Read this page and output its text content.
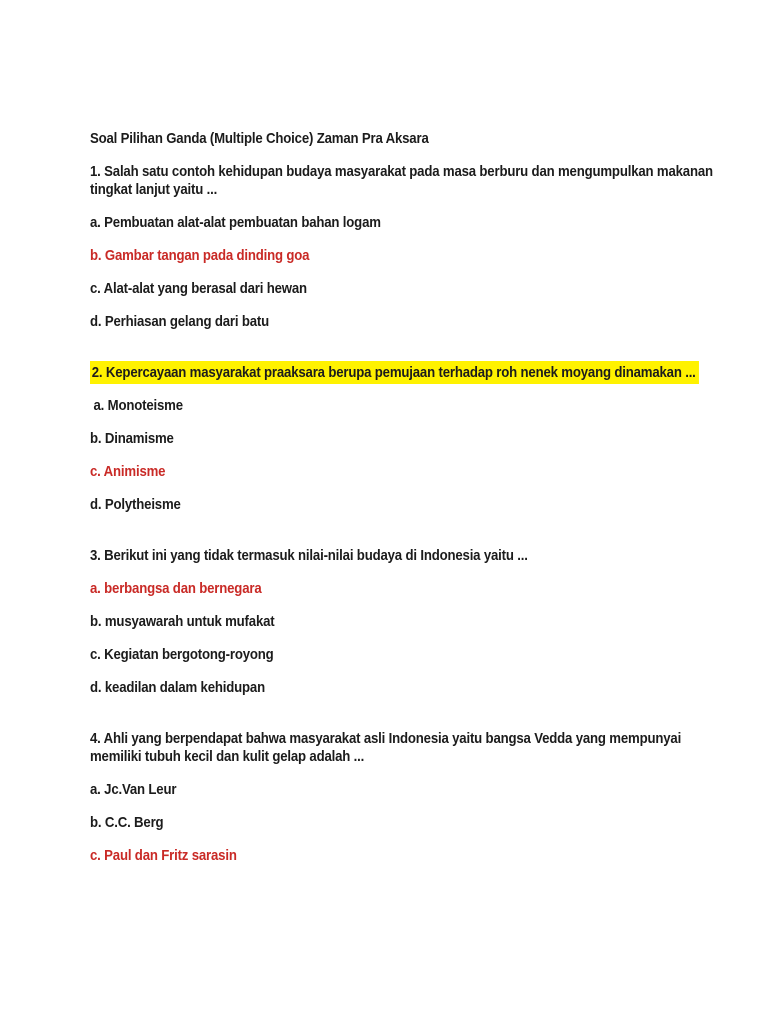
Soal Pilihan Ganda (Multiple Choice) Zaman Pra Aksara
1. Salah satu contoh kehidupan budaya masyarakat pada masa berburu dan mengumpulkan makanan
tingkat lanjut yaitu ...
a. Pembuatan alat-alat pembuatan bahan logam
b. Gambar tangan pada dinding goa
c. Alat-alat yang berasal dari hewan
d. Perhiasan gelang dari batu
2. Kepercayaan masyarakat praaksara berupa pemujaan terhadap roh nenek moyang dinamakan ...
a. Monoteisme
b. Dinamisme
c. Animisme
d. Polytheisme
3. Berikut ini yang tidak termasuk nilai-nilai budaya di Indonesia yaitu ...
a. berbangsa dan bernegara
b. musyawarah untuk mufakat
c. Kegiatan bergotong-royong
d. keadilan dalam kehidupan
4. Ahli yang berpendapat bahwa masyarakat asli Indonesia yaitu bangsa Vedda yang mempunyai
memiliki tubuh kecil dan kulit gelap adalah ...
a. Jc.Van Leur
b. C.C. Berg
c. Paul dan Fritz sarasin
